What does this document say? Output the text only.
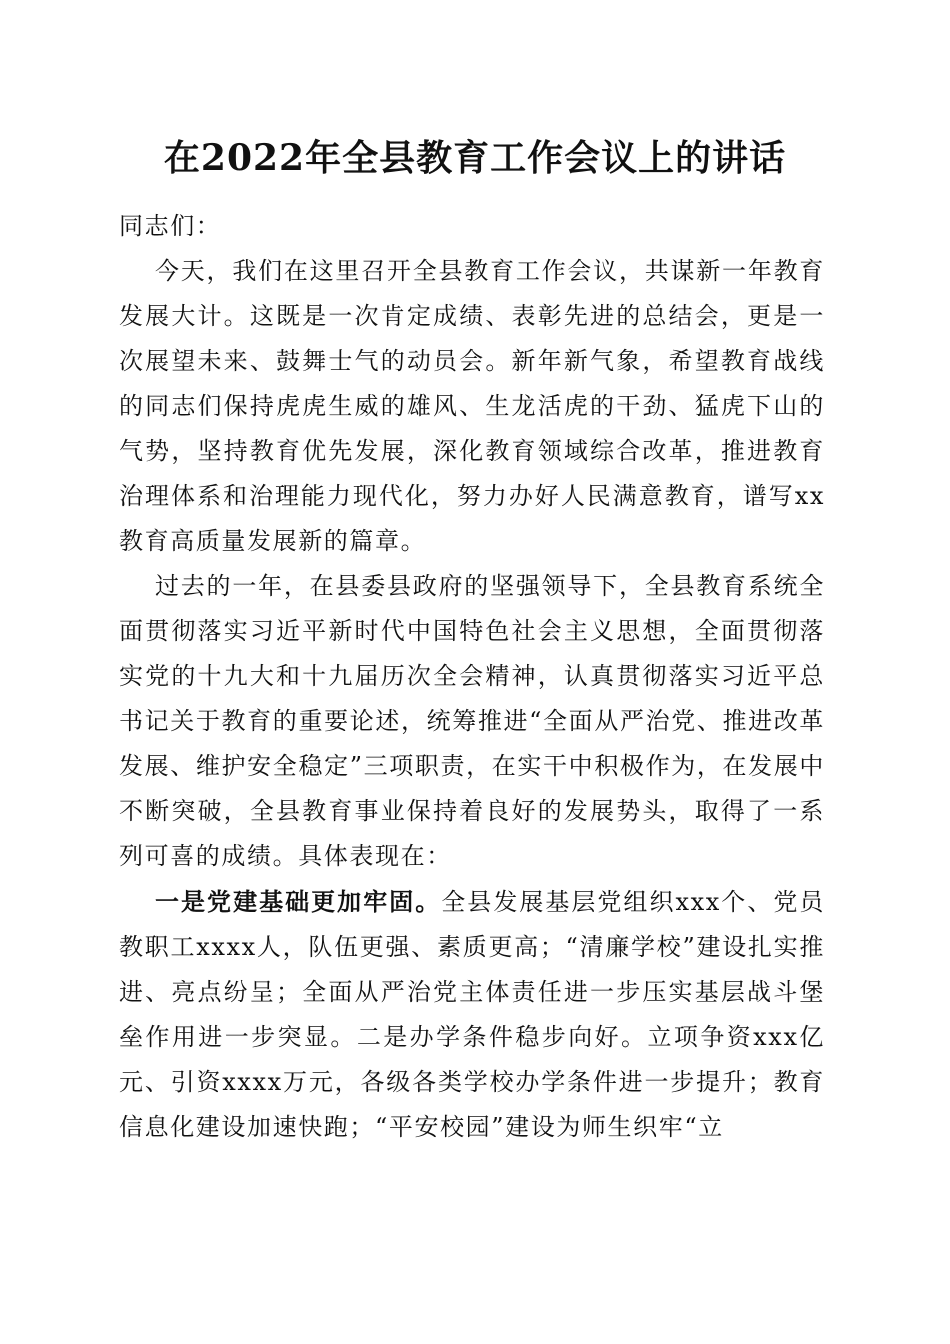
在2022年全县教育工作会议上的讲话

同志们：

今天，我们在这里召开全县教育工作会议，共谋新一年教育发展大计。这既是一次肯定成绩、表彰先进的总结会，更是一次展望未来、鼓舞士气的动员会。新年新气象，希望教育战线的同志们保持虎虎生威的雄风、生龙活虎的干劲、猛虎下山的气势，坚持教育优先发展，深化教育领域综合改革，推进教育治理体系和治理能力现代化，努力办好人民满意教育，谱写xx教育高质量发展新的篇章。

过去的一年，在县委县政府的坚强领导下，全县教育系统全面贯彻落实习近平新时代中国特色社会主义思想，全面贯彻落实党的十九大和十九届历次全会精神，认真贯彻落实习近平总书记关于教育的重要论述，统筹推进“全面从严治党、推进改革发展、维护安全稳定”三项职责，在实干中积极作为，在发展中不断突破，全县教育事业保持着良好的发展势头，取得了一系列可喜的成绩。具体表现在：

一是党建基础更加牢固。全县发展基层党组织xxx个、党员教职工xxxx人，队伍更强、素质更高；“清廉学校”建设扎实推进、亮点纷呈；全面从严治党主体责任进一步压实基层战斗堡垒作用进一步突显。二是办学条件稳步向好。立项争资xxx亿元、引资xxxx万元，各级各类学校办学条件进一步提升；教育信息化建设加速快跑；“平安校园”建设为师生织牢“立
